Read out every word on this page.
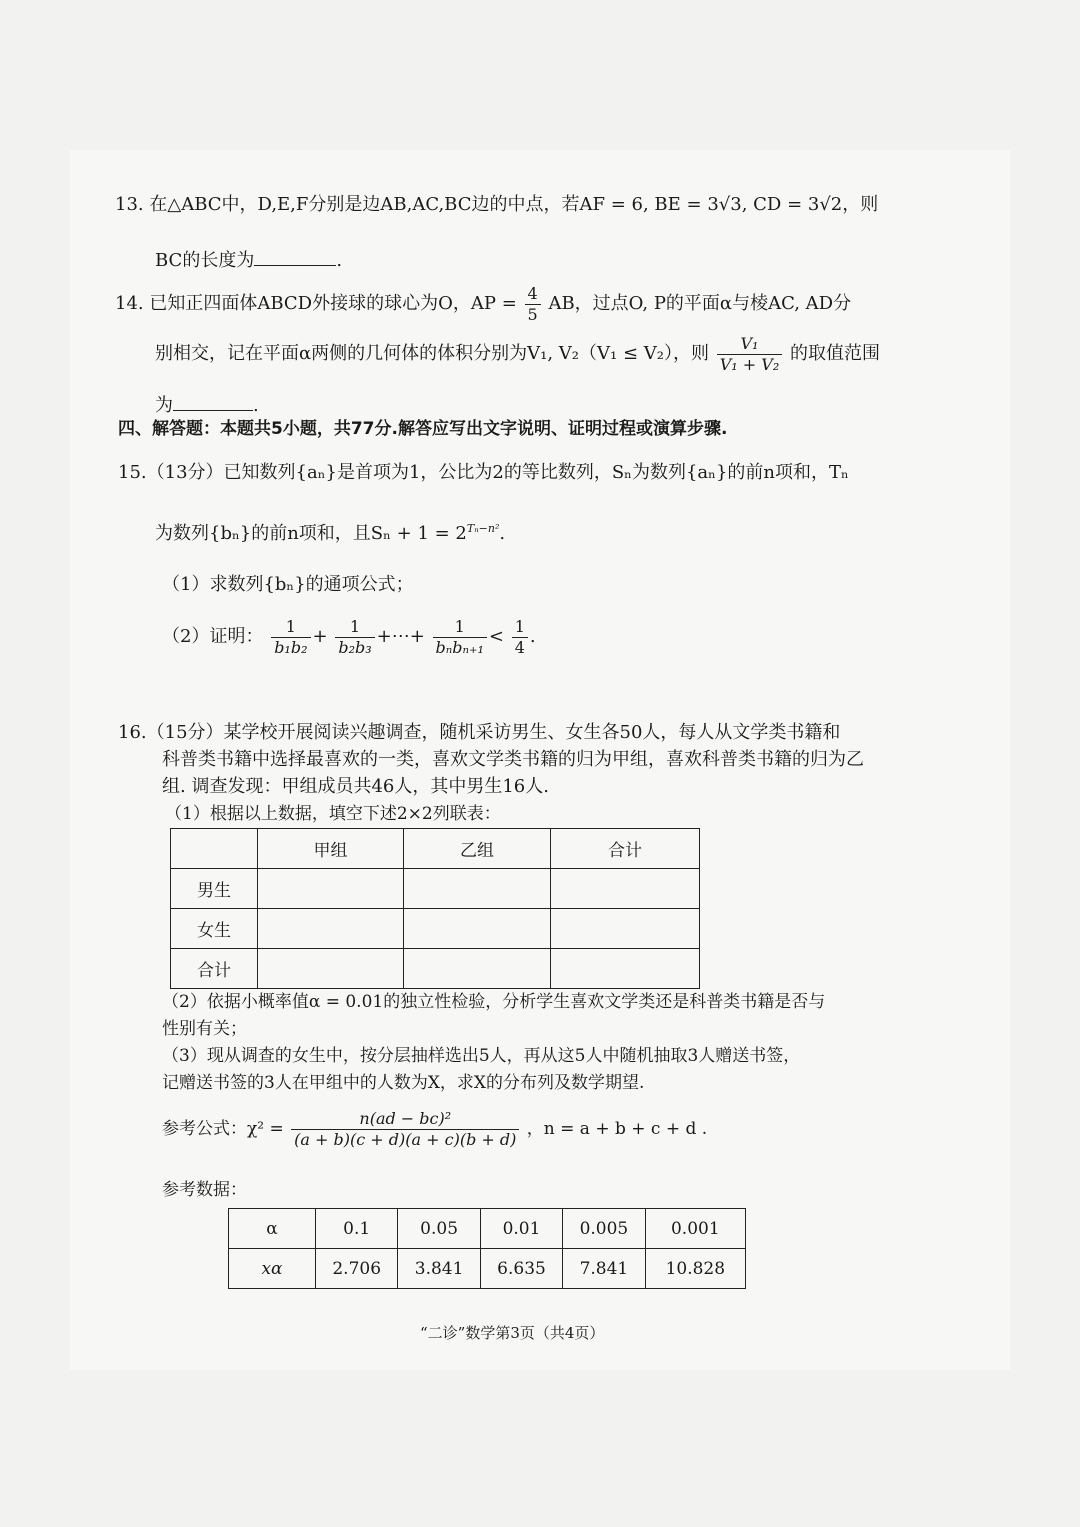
13. 在△ABC中，D,E,F分别是边AB,AC,BC边的中点，若AF = 6, BE = 3√3, CD = 3√2，则
BC的长度为	.
14. 已知正四面体ABCD外接球的球心为O，AP = $\frac{4}{5}$ AB，过点O, P的平面α与棱AC, AD分
别相交，记在平面α两侧的几何体的体积分别为V₁, V₂（V₁ ≤ V₂），则 $\frac{\text{V₁}}{\text{V₁ + V₂}}$ 的取值范围
为	.
四、解答题：本题共5小题，共77分.解答应写出文字说明、证明过程或演算步骤.
15.（13分）已知数列{aₙ}是首项为1，公比为2的等比数列，Sₙ为数列{aₙ}的前n项和，Tₙ
为数列{bₙ}的前n项和，且$S_n + 1 = 2^{T_n-n^2}$.
（1）求数列{bₙ}的通项公式；
（2）证明： $\frac{1}{\text{b₁b₂}} + \frac{1}{\text{b₂b₃}}$ +⋯+ $\frac{1}{\text{bₙbₙ₊₁}} < \frac{1}{4}$ .
16.（15分）某学校开展阅读兴趣调查，随机采访男生、女生各50人，每人从文学类书籍和
科普类书籍中选择最喜欢的一类，喜欢文学类书籍的归为甲组，喜欢科普类书籍的归为乙
组. 调查发现：甲组成员共46人，其中男生16人.
（1）根据以上数据，填空下述2×2列联表：
	甲组	乙组	合计
男生			
女生			
合计			
（2）依据小概率值α = 0.01的独立性检验，分析学生喜欢文学类还是科普类书籍是否与
性别有关；
（3）现从调查的女生中，按分层抽样选出5人，再从这5人中随机抽取3人赠送书签，
记赠送书签的3人在甲组中的人数为X，求X的分布列及数学期望.
参考公式：$\chi^2 = \frac{\text{n(ad − bc)²}}{(a + b)(c + d)(a + c)(b + d)}$ ，n = a + b + c + d .
参考数据：
α	0.1	0.05	0.01	0.005	0.001
xα	2.706	3.841	6.635	7.841	10.828
“二诊”数学第3页（共4页）
